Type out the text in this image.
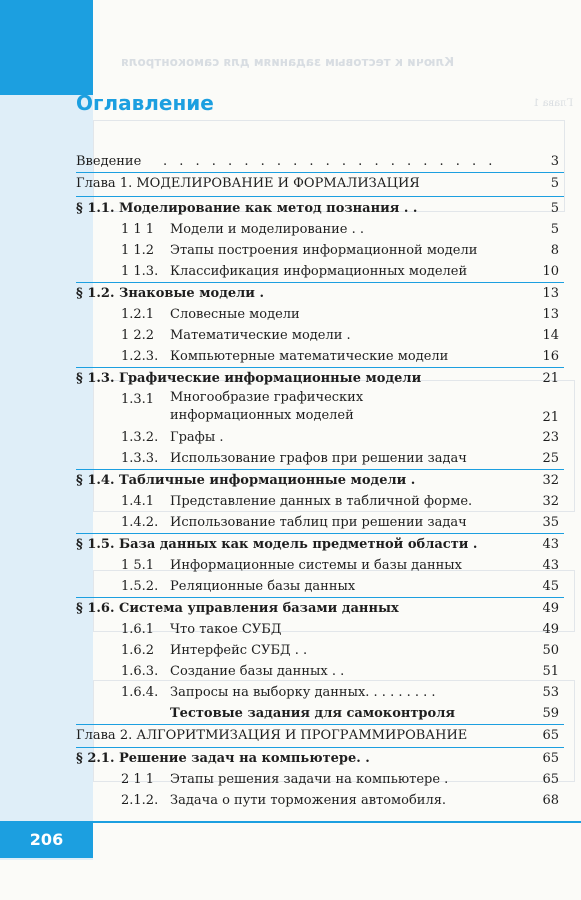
Ключи к тестовым заданиям для самоконтроля
Глава 1
Оглавление
Введение . . . . . . . . . . . . . . . . . . . . .	3
Глава 1. МОДЕЛИРОВАНИЕ И ФОРМАЛИЗАЦИЯ	5
§ 1.1. Моделирование как метод познания . .	5
1 1 1 Модели и моделирование . .	5
1 1.2 Этапы построения информационной модели	8
1 1.3. Классификация информационных моделей	10
§ 1.2. Знаковые модели .	13
1.2.1 Словесные модели	13
1 2.2 Математические модели .	14
1.2.3. Компьютерные математические модели	16
§ 1.3. Графические информационные модели	21
1.3.1 Многообразие графических
информационных моделей	21
1.3.2. Графы .	23
1.3.3. Использование графов при решении задач	25
§ 1.4. Табличные информационные модели .	32
1.4.1 Представление данных в табличной форме.	32
1.4.2. Использование таблиц при решении задач	35
§ 1.5. База данных как модель предметной области .	43
1 5.1 Информационные системы и базы данных	43
1.5.2. Реляционные базы данных	45
§ 1.6. Система управления базами данных	49
1.6.1 Что такое СУБД	49
1.6.2 Интерфейс СУБД . .	50
1.6.3. Создание базы данных . .	51
1.6.4. Запросы на выборку данных. . . . . . . . .	53
Тестовые задания для самоконтроля	59
Глава 2. АЛГОРИТМИЗАЦИЯ И ПРОГРАММИРОВАНИЕ	65
§ 2.1. Решение задач на компьютере. .	65
2 1 1 Этапы решения задачи на компьютере .	65
2.1.2. Задача о пути торможения автомобиля.	68
206
